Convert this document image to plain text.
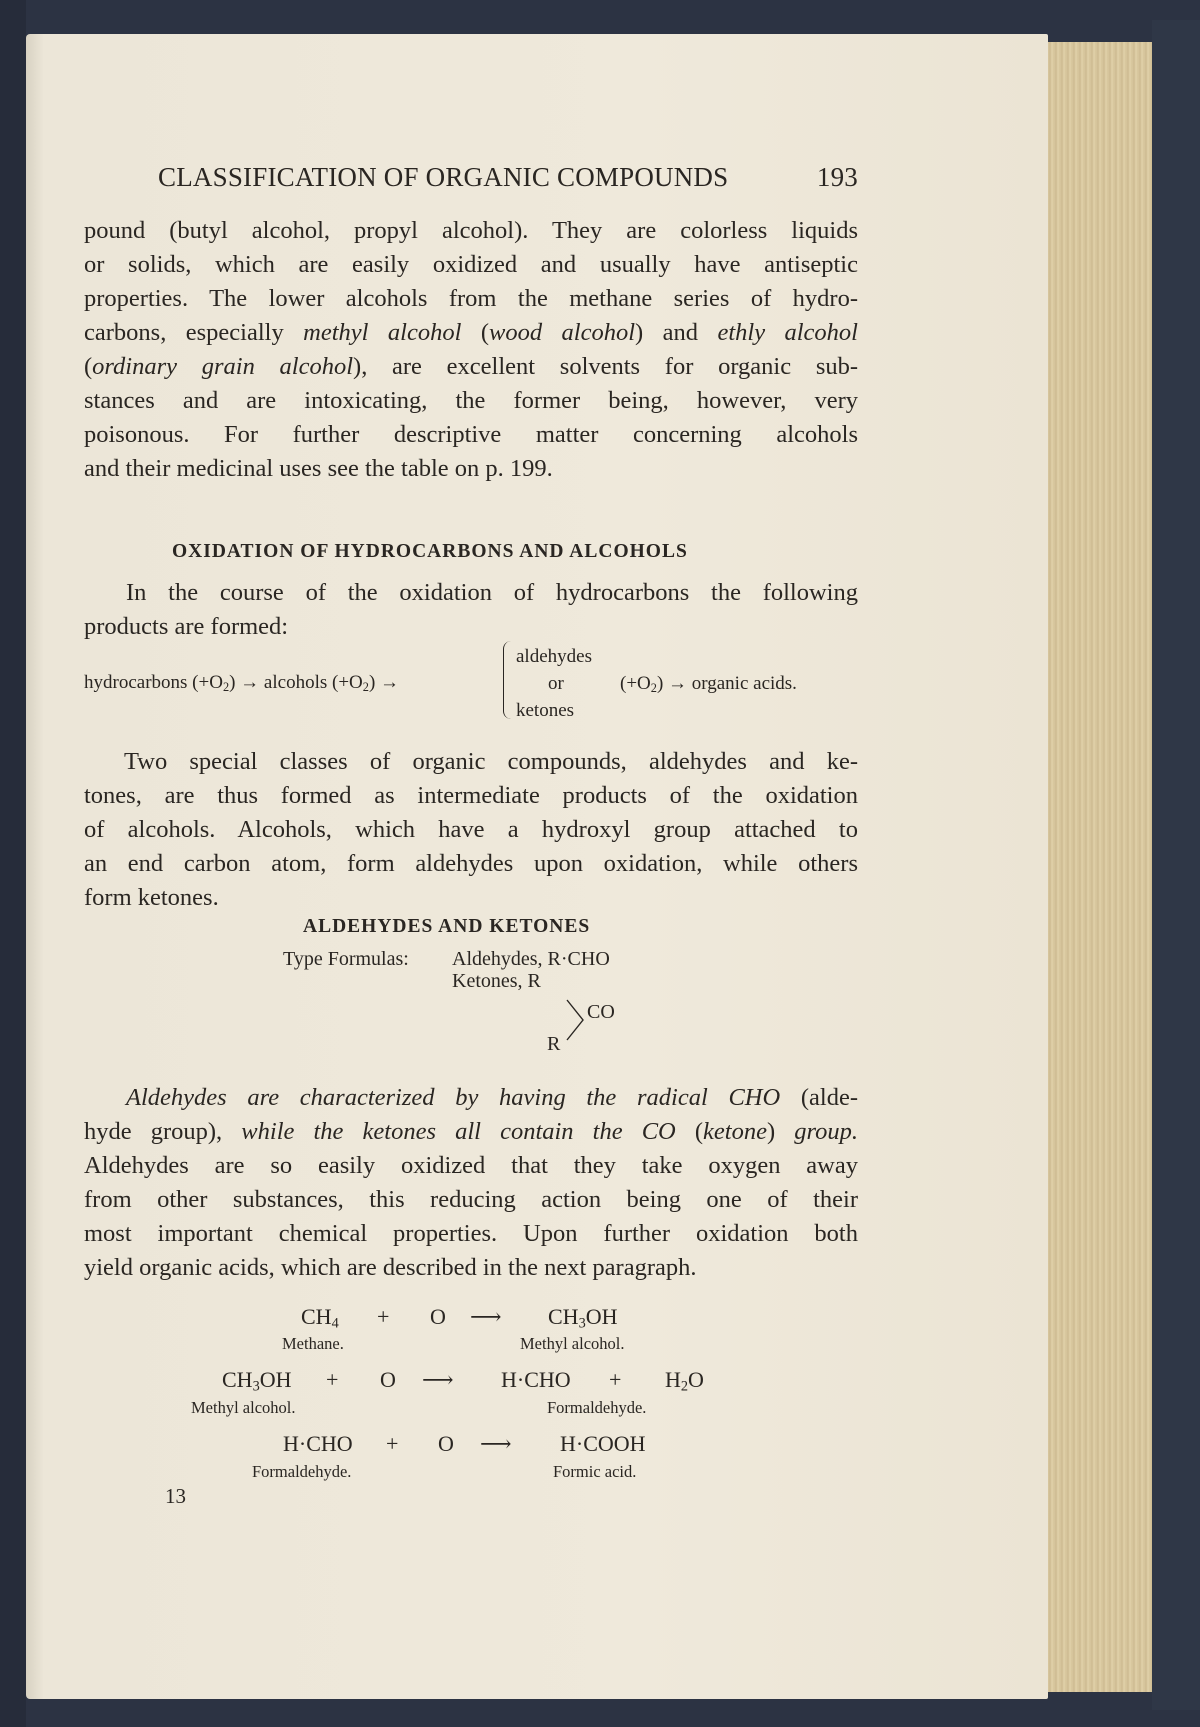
CLASSIFICATION OF ORGANIC COMPOUNDS	193
pound (butyl alcohol, propyl alcohol). They are colorless liquids
or solids, which are easily oxidized and usually have antiseptic
properties. The lower alcohols from the methane series of hydro-
carbons, especially methyl alcohol (wood alcohol) and ethly alcohol
(ordinary grain alcohol), are excellent solvents for organic sub-
stances and are intoxicating, the former being, however, very
poisonous. For further descriptive matter concerning alcohols
and their medicinal uses see the table on p. 199.
OXIDATION OF HYDROCARBONS AND ALCOHOLS
In the course of the oxidation of hydrocarbons the following
products are formed:
hydrocarbons $(+O_2)$ → alcohols $(+O_2)$ →
aldehydes
or
ketones
$(+O_2)$ → organic acids.
Two special classes of organic compounds, aldehydes and ke-
tones, are thus formed as intermediate products of the oxidation
of alcohols. Alcohols, which have a hydroxyl group attached to
an end carbon atom, form aldehydes upon oxidation, while others
form ketones.
ALDEHYDES AND KETONES
Type Formulas: Aldehydes, R·CHO
Ketones, R
CO
R
Aldehydes are characterized by having the radical CHO (alde-
hyde group), while the ketones all contain the CO (ketone) group.
Aldehydes are so easily oxidized that they take oxygen away
from other substances, this reducing action being one of their
most important chemical properties. Upon further oxidation both
yield organic acids, which are described in the next paragraph.
$CH_4 + O$ ⟶ $CH_3OH$
Methane.	Methyl alcohol.
$CH_3OH + O$ ⟶ $H\cdot CHO + H_2O$
Methyl alcohol.	Formaldehyde.
H·CHO + O ⟶ H·COOH
Formaldehyde.	Formic acid.
13
